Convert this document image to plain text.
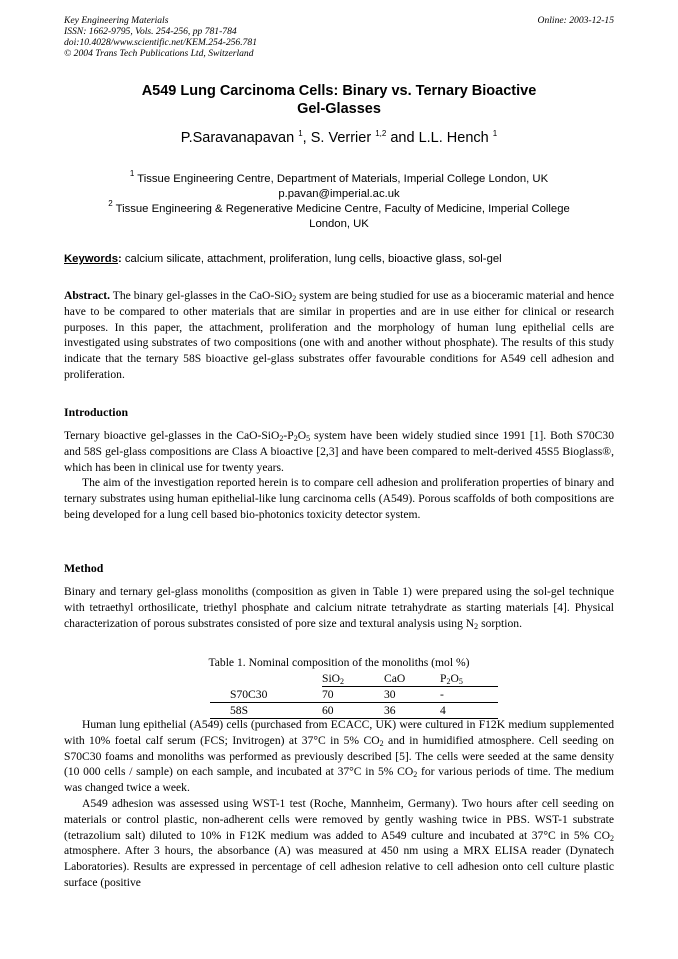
Key Engineering Materials
ISSN: 1662-9795, Vols. 254-256, pp 781-784
doi:10.4028/www.scientific.net/KEM.254-256.781
© 2004 Trans Tech Publications Ltd, Switzerland
Online: 2003-12-15
A549 Lung Carcinoma Cells: Binary vs. Ternary Bioactive
Gel-Glasses
P.Saravanapavan $^1$, S. Verrier $^{1,2}$ and L.L. Hench $^1$
$^1$ Tissue Engineering Centre, Department of Materials, Imperial College London, UK
p.pavan@imperial.ac.uk
$^2$ Tissue Engineering & Regenerative Medicine Centre, Faculty of Medicine, Imperial College
London, UK
Keywords: calcium silicate, attachment, proliferation, lung cells, bioactive glass, sol-gel
Abstract. The binary gel-glasses in the CaO-SiO$_2$ system are being studied for use as a bioceramic material and hence have to be compared to other materials that are similar in properties and are in use either for clinical or research purposes. In this paper, the attachment, proliferation and the morphology of human lung epithelial cells are investigated using substrates of two compositions (one with and another without phosphate). The results of this study indicate that the ternary 58S bioactive gel-glass substrates offer favourable conditions for A549 cell adhesion and proliferation.
Introduction

Ternary bioactive gel-glasses in the CaO-$SiO_2-P_2O_5$ system have been widely studied since 1991 [1]. Both S70C30 and 58S gel-glass compositions are Class A bioactive [2,3] and have been compared to melt-derived 45S5 Bioglass®, which has been in clinical use for twenty years.

The aim of the investigation reported herein is to compare cell adhesion and proliferation properties of binary and ternary substrates using human epithelial-like lung carcinoma cells (A549). Porous scaffolds of both compositions are being developed for a lung cell based bio-photonics toxicity detector system.

Method

Binary and ternary gel-glass monoliths (composition as given in Table 1) were prepared using the sol-gel technique with tetraethyl orthosilicate, triethyl phosphate and calcium nitrate tetrahydrate as starting materials [4]. Physical characterization of porous substrates consisted of pore size and textural analysis using $N_2$ sorption.

Table 1. Nominal composition of the monoliths (mol %)
	SiO$_2$	CaO	$P_2O_5$
S70C30	70	30	-
58S	60	36	4

Human lung epithelial (A549) cells (purchased from ECACC, UK) were cultured in F12K medium supplemented with 10% foetal calf serum (FCS; Invitrogen) at 37°C in 5% $CO_2$ and in humidified atmosphere. Cell seeding on S70C30 foams and monoliths was performed as previously described [5]. The cells were seeded at the same density (10 000 cells / sample) on each sample, and incubated at 37°C in 5% $CO_2$ for various periods of time. The medium was changed twice a week.

A549 adhesion was assessed using WST-1 test (Roche, Mannheim, Germany). Two hours after cell seeding on materials or control plastic, non-adherent cells were removed by gently washing twice in PBS. WST-1 substrate (tetrazolium salt) diluted to 10% in F12K medium was added to A549 culture and incubated at 37°C in 5% $CO_2$ atmosphere. After 3 hours, the absorbance (A) was measured at 450 nm using a MRX ELISA reader (Dynatech Laboratories). Results are expressed in percentage of cell adhesion relative to cell adhesion onto cell culture plastic surface (positive
